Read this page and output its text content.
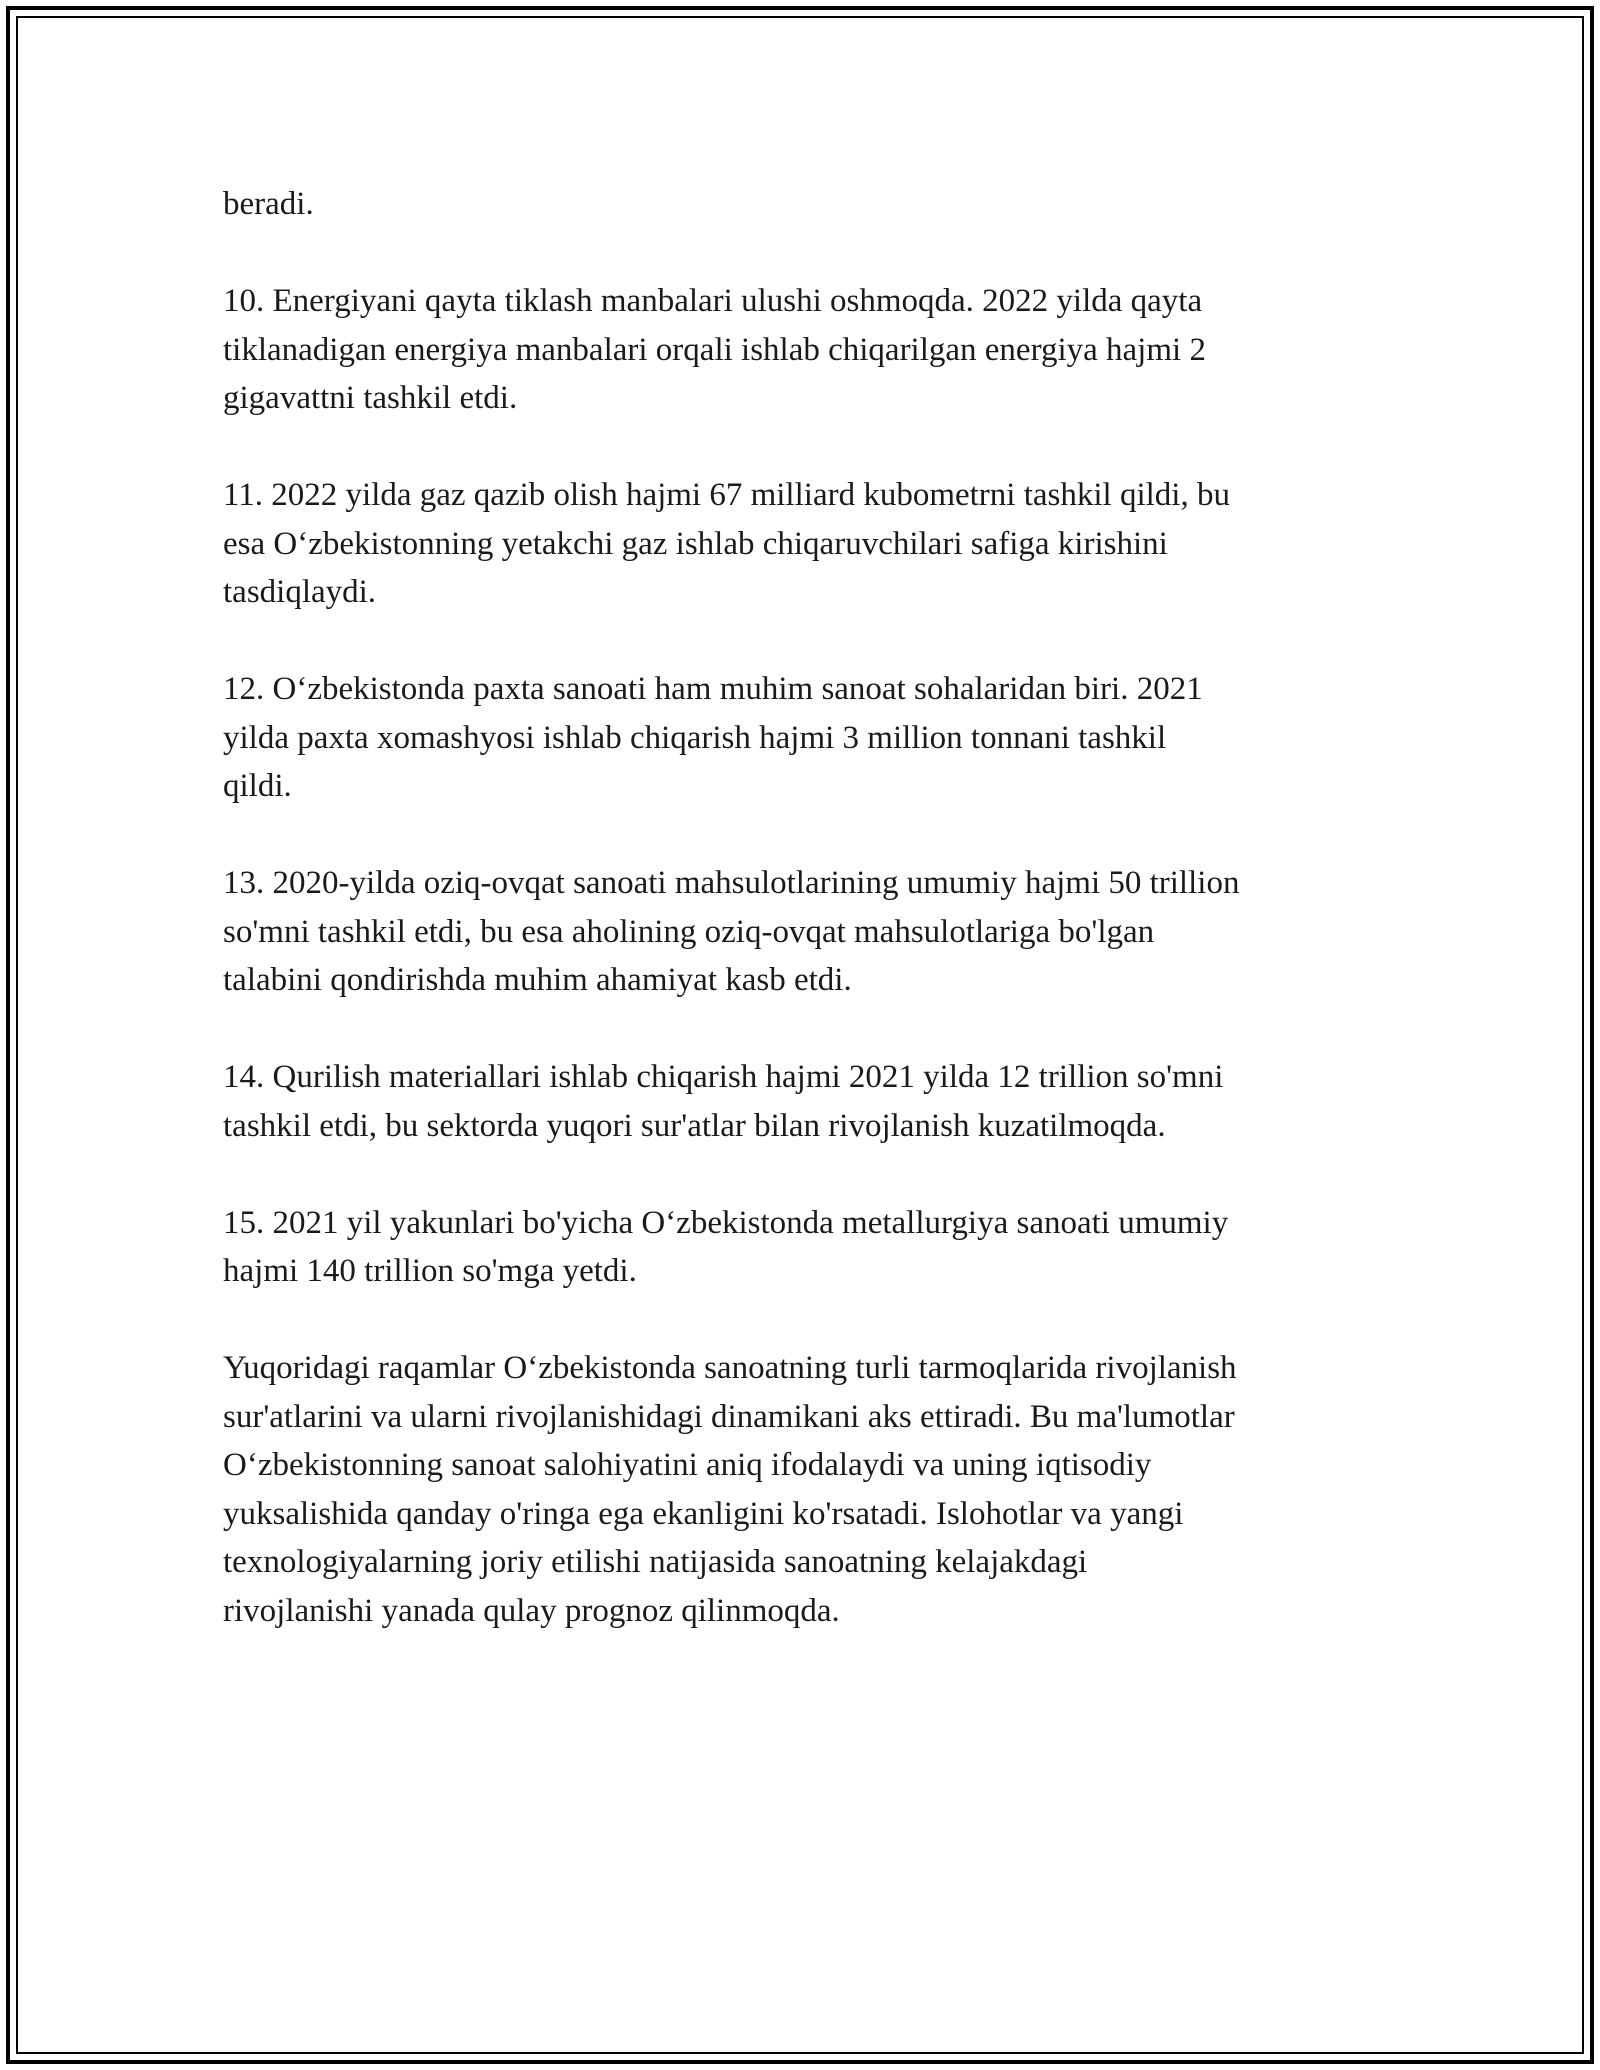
beradi.

10. Energiyani qayta tiklash manbalari ulushi oshmoqda. 2022 yilda qayta
tiklanadigan energiya manbalari orqali ishlab chiqarilgan energiya hajmi 2
gigavattni tashkil etdi.

11. 2022 yilda gaz qazib olish hajmi 67 milliard kubometrni tashkil qildi, bu
esa O‘zbekistonning yetakchi gaz ishlab chiqaruvchilari safiga kirishini
tasdiqlaydi.

12. O‘zbekistonda paxta sanoati ham muhim sanoat sohalaridan biri. 2021
yilda paxta xomashyosi ishlab chiqarish hajmi 3 million tonnani tashkil
qildi.

13. 2020-yilda oziq-ovqat sanoati mahsulotlarining umumiy hajmi 50 trillion
so'mni tashkil etdi, bu esa aholining oziq-ovqat mahsulotlariga bo'lgan
talabini qondirishda muhim ahamiyat kasb etdi.

14. Qurilish materiallari ishlab chiqarish hajmi 2021 yilda 12 trillion so'mni
tashkil etdi, bu sektorda yuqori sur'atlar bilan rivojlanish kuzatilmoqda.

15. 2021 yil yakunlari bo'yicha O‘zbekistonda metallurgiya sanoati umumiy
hajmi 140 trillion so'mga yetdi.

Yuqoridagi raqamlar O‘zbekistonda sanoatning turli tarmoqlarida rivojlanish
sur'atlarini va ularni rivojlanishidagi dinamikani aks ettiradi. Bu ma'lumotlar
O‘zbekistonning sanoat salohiyatini aniq ifodalaydi va uning iqtisodiy
yuksalishida qanday o'ringa ega ekanligini ko'rsatadi. Islohotlar va yangi
texnologiyalarning joriy etilishi natijasida sanoatning kelajakdagi
rivojlanishi yanada qulay prognoz qilinmoqda.
